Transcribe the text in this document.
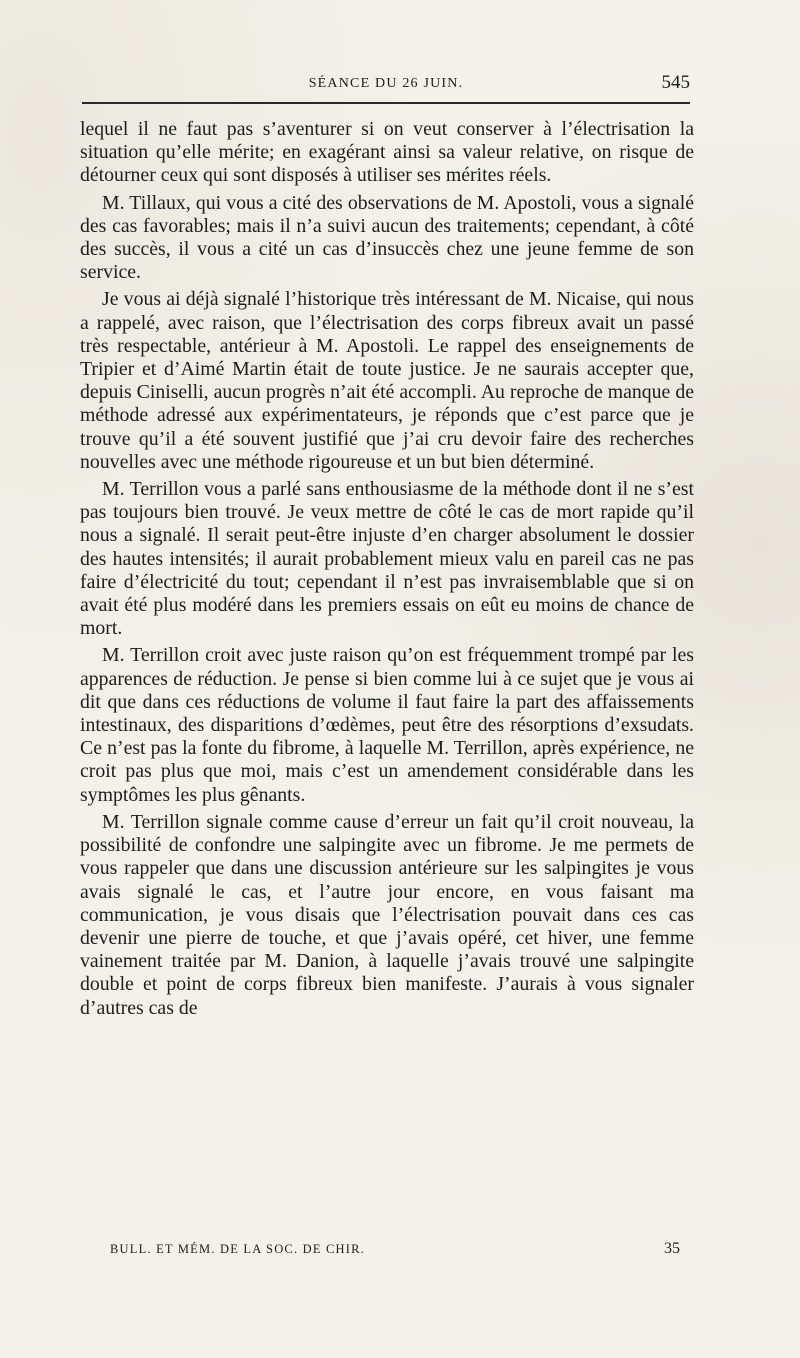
SÉANCE DU 26 JUIN.	545

lequel il ne faut pas s’aventurer si on veut conserver à l’électrisation la situation qu’elle mérite; en exagérant ainsi sa valeur relative, on risque de détourner ceux qui sont disposés à utiliser ses mérites réels.

M. Tillaux, qui vous a cité des observations de M. Apostoli, vous a signalé des cas favorables; mais il n’a suivi aucun des traitements; cependant, à côté des succès, il vous a cité un cas d’insuccès chez une jeune femme de son service.

Je vous ai déjà signalé l’historique très intéressant de M. Nicaise, qui nous a rappelé, avec raison, que l’électrisation des corps fibreux avait un passé très respectable, antérieur à M. Apostoli. Le rappel des enseignements de Tripier et d’Aimé Martin était de toute justice. Je ne saurais accepter que, depuis Ciniselli, aucun progrès n’ait été accompli. Au reproche de manque de méthode adressé aux expérimentateurs, je réponds que c’est parce que je trouve qu’il a été souvent justifié que j’ai cru devoir faire des recherches nouvelles avec une méthode rigoureuse et un but bien déterminé.

M. Terrillon vous a parlé sans enthousiasme de la méthode dont il ne s’est pas toujours bien trouvé. Je veux mettre de côté le cas de mort rapide qu’il nous a signalé. Il serait peut-être injuste d’en charger absolument le dossier des hautes intensités; il aurait probablement mieux valu en pareil cas ne pas faire d’électricité du tout; cependant il n’est pas invraisemblable que si on avait été plus modéré dans les premiers essais on eût eu moins de chance de mort.

M. Terrillon croit avec juste raison qu’on est fréquemment trompé par les apparences de réduction. Je pense si bien comme lui à ce sujet que je vous ai dit que dans ces réductions de volume il faut faire la part des affaissements intestinaux, des disparitions d’œdèmes, peut être des résorptions d’exsudats. Ce n’est pas la fonte du fibrome, à laquelle M. Terrillon, après expérience, ne croit pas plus que moi, mais c’est un amendement considérable dans les symptômes les plus gênants.

M. Terrillon signale comme cause d’erreur un fait qu’il croit nouveau, la possibilité de confondre une salpingite avec un fibrome. Je me permets de vous rappeler que dans une discussion antérieure sur les salpingites je vous avais signalé le cas, et l’autre jour encore, en vous faisant ma communication, je vous disais que l’électrisation pouvait dans ces cas devenir une pierre de touche, et que j’avais opéré, cet hiver, une femme vainement traitée par M. Danion, à laquelle j’avais trouvé une salpingite double et point de corps fibreux bien manifeste. J’aurais à vous signaler d’autres cas de

BULL. ET MÉM. DE LA SOC. DE CHIR.	35
